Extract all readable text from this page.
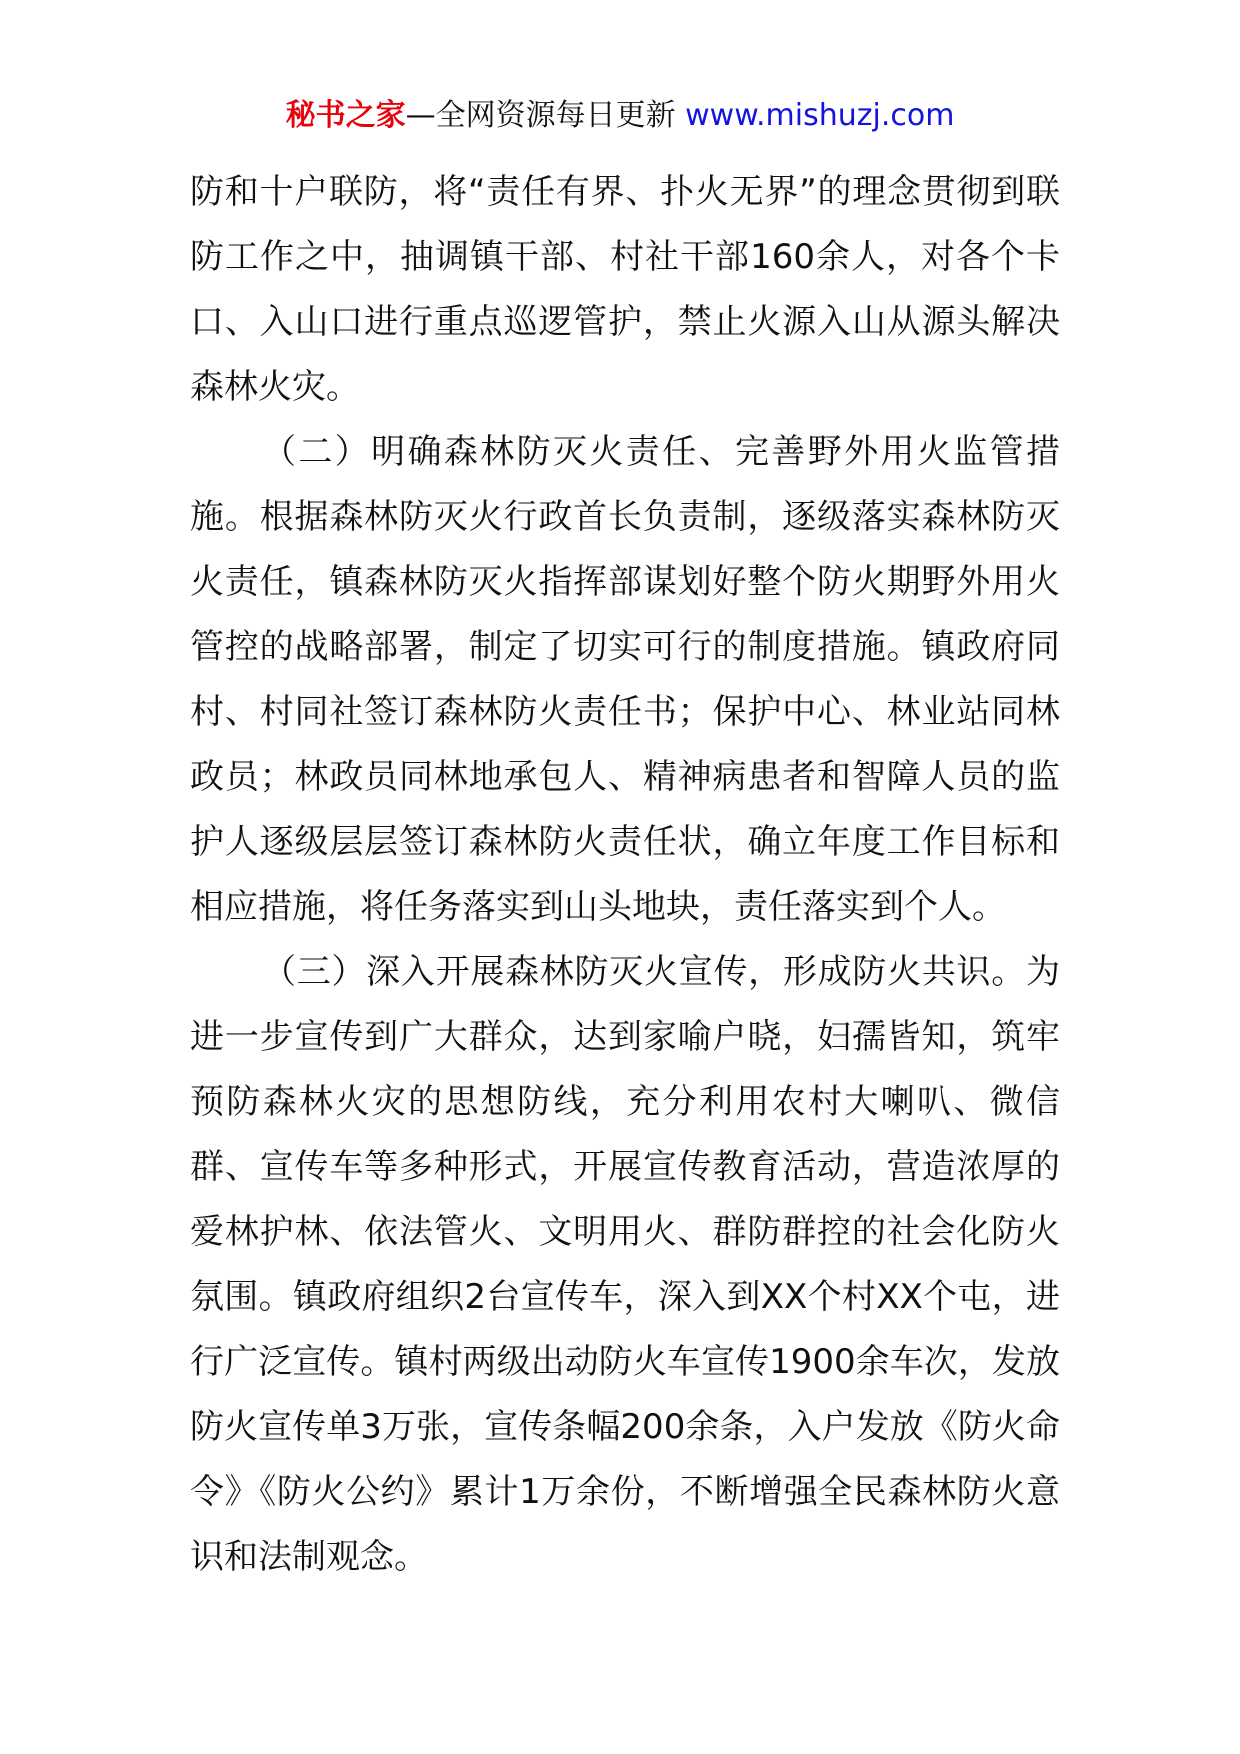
秘书之家—全网资源每日更新 www.mishuzj.com

防和十户联防，将“责任有界、扑火无界”的理念贯彻到联防工作之中，抽调镇干部、村社干部160余人，对各个卡口、入山口进行重点巡逻管护，禁止火源入山从源头解决森林火灾。

（二）明确森林防灭火责任、完善野外用火监管措施。根据森林防灭火行政首长负责制，逐级落实森林防灭火责任，镇森林防灭火指挥部谋划好整个防火期野外用火管控的战略部署，制定了切实可行的制度措施。镇政府同村、村同社签订森林防火责任书；保护中心、林业站同林政员；林政员同林地承包人、精神病患者和智障人员的监护人逐级层层签订森林防火责任状，确立年度工作目标和相应措施，将任务落实到山头地块，责任落实到个人。

（三）深入开展森林防灭火宣传，形成防火共识。为进一步宣传到广大群众，达到家喻户晓，妇孺皆知，筑牢预防森林火灾的思想防线，充分利用农村大喇叭、微信群、宣传车等多种形式，开展宣传教育活动，营造浓厚的爱林护林、依法管火、文明用火、群防群控的社会化防火氛围。镇政府组织2台宣传车，深入到XX个村XX个屯，进行广泛宣传。镇村两级出动防火车宣传1900余车次，发放防火宣传单3万张，宣传条幅200余条，入户发放《防火命令》《防火公约》累计1万余份，不断增强全民森林防火意识和法制观念。
